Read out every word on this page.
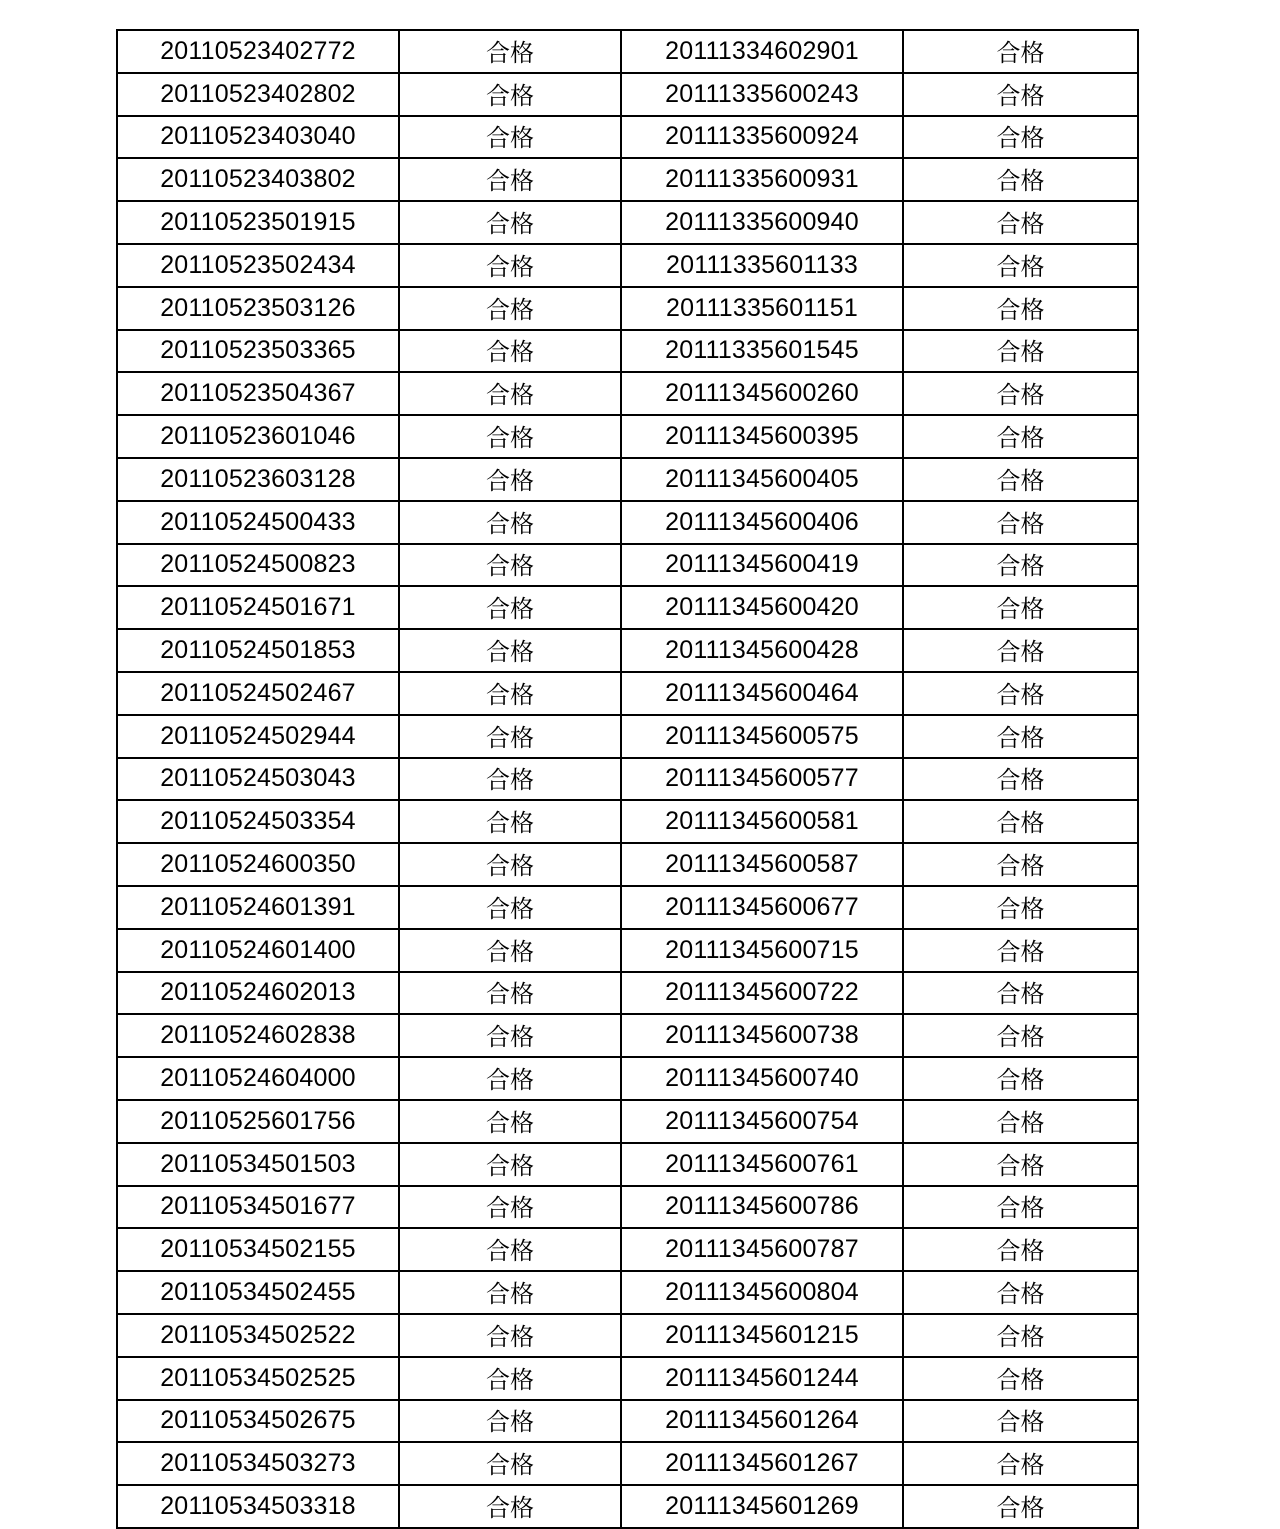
20110523402772	合格	20111334602901	合格
20110523402802	合格	20111335600243	合格
20110523403040	合格	20111335600924	合格
20110523403802	合格	20111335600931	合格
20110523501915	合格	20111335600940	合格
20110523502434	合格	20111335601133	合格
20110523503126	合格	20111335601151	合格
20110523503365	合格	20111335601545	合格
20110523504367	合格	20111345600260	合格
20110523601046	合格	20111345600395	合格
20110523603128	合格	20111345600405	合格
20110524500433	合格	20111345600406	合格
20110524500823	合格	20111345600419	合格
20110524501671	合格	20111345600420	合格
20110524501853	合格	20111345600428	合格
20110524502467	合格	20111345600464	合格
20110524502944	合格	20111345600575	合格
20110524503043	合格	20111345600577	合格
20110524503354	合格	20111345600581	合格
20110524600350	合格	20111345600587	合格
20110524601391	合格	20111345600677	合格
20110524601400	合格	20111345600715	合格
20110524602013	合格	20111345600722	合格
20110524602838	合格	20111345600738	合格
20110524604000	合格	20111345600740	合格
20110525601756	合格	20111345600754	合格
20110534501503	合格	20111345600761	合格
20110534501677	合格	20111345600786	合格
20110534502155	合格	20111345600787	合格
20110534502455	合格	20111345600804	合格
20110534502522	合格	20111345601215	合格
20110534502525	合格	20111345601244	合格
20110534502675	合格	20111345601264	合格
20110534503273	合格	20111345601267	合格
20110534503318	合格	20111345601269	合格
